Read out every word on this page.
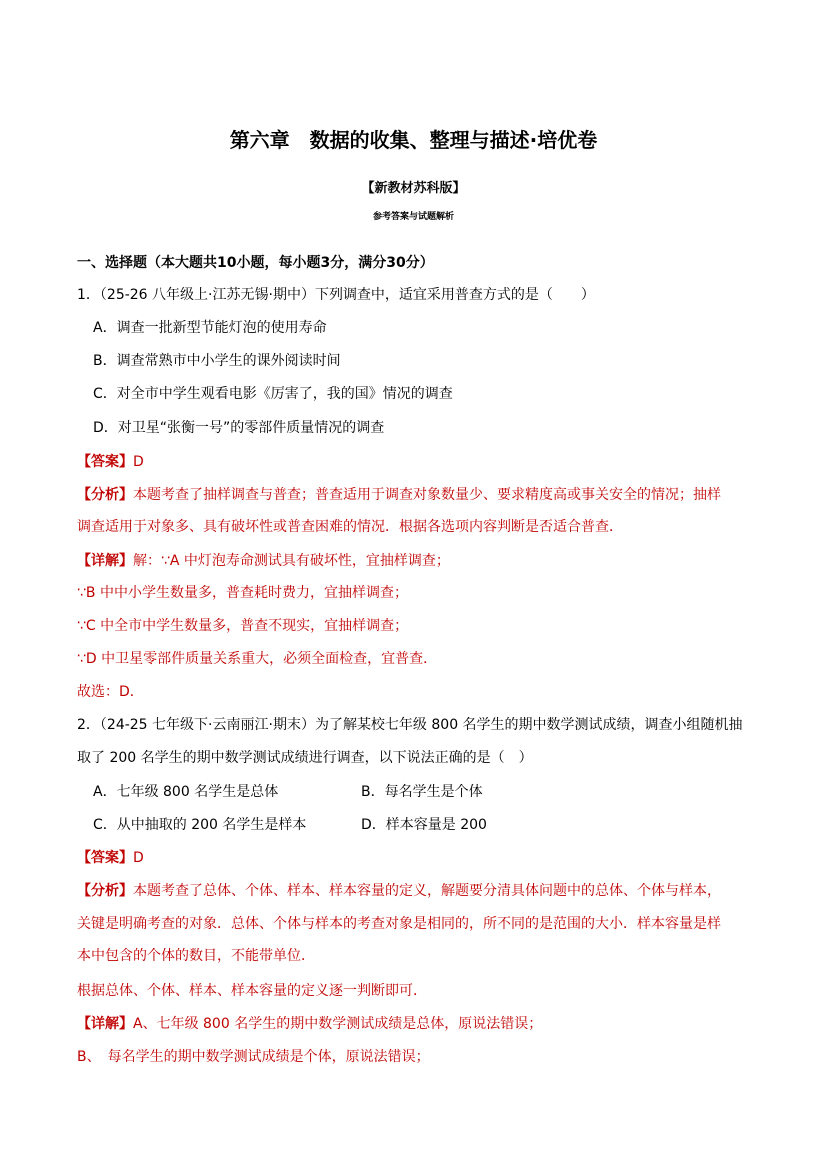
第六章　数据的收集、整理与描述·培优卷
【新教材苏科版】
参考答案与试题解析
一、选择题（本大题共10小题，每小题3分，满分30分）
1．（25-26 八年级上·江苏无锡·期中）下列调查中，适宜采用普查方式的是（　　）
A．调查一批新型节能灯泡的使用寿命
B．调查常熟市中小学生的课外阅读时间
C．对全市中学生观看电影《厉害了，我的国》情况的调查
D．对卫星“张衡一号”的零部件质量情况的调查
【答案】D
【分析】本题考查了抽样调查与普查；普查适用于调查对象数量少、要求精度高或事关安全的情况；抽样
调查适用于对象多、具有破坏性或普查困难的情况．根据各选项内容判断是否适合普查．
【详解】解：∵A 中灯泡寿命测试具有破坏性，宜抽样调查；
∵B 中中小学生数量多，普查耗时费力，宜抽样调查；
∵C 中全市中学生数量多，普查不现实，宜抽样调查；
∵D 中卫星零部件质量关系重大，必须全面检查，宜普查．
故选：D．
2．（24-25 七年级下·云南丽江·期末）为了解某校七年级 800 名学生的期中数学测试成绩，调查小组随机抽
取了 200 名学生的期中数学测试成绩进行调查，以下说法正确的是（　）
A．七年级 800 名学生是总体	B．每名学生是个体
C．从中抽取的 200 名学生是样本	D．样本容量是 200
【答案】D
【分析】本题考查了总体、个体、样本、样本容量的定义，解题要分清具体问题中的总体、个体与样本，
关键是明确考查的对象．总体、个体与样本的考查对象是相同的，所不同的是范围的大小．样本容量是样
本中包含的个体的数目，不能带单位．
根据总体、个体、样本、样本容量的定义逐一判断即可．
【详解】A、七年级 800 名学生的期中数学测试成绩是总体，原说法错误；
B、　每名学生的期中数学测试成绩是个体，原说法错误；
